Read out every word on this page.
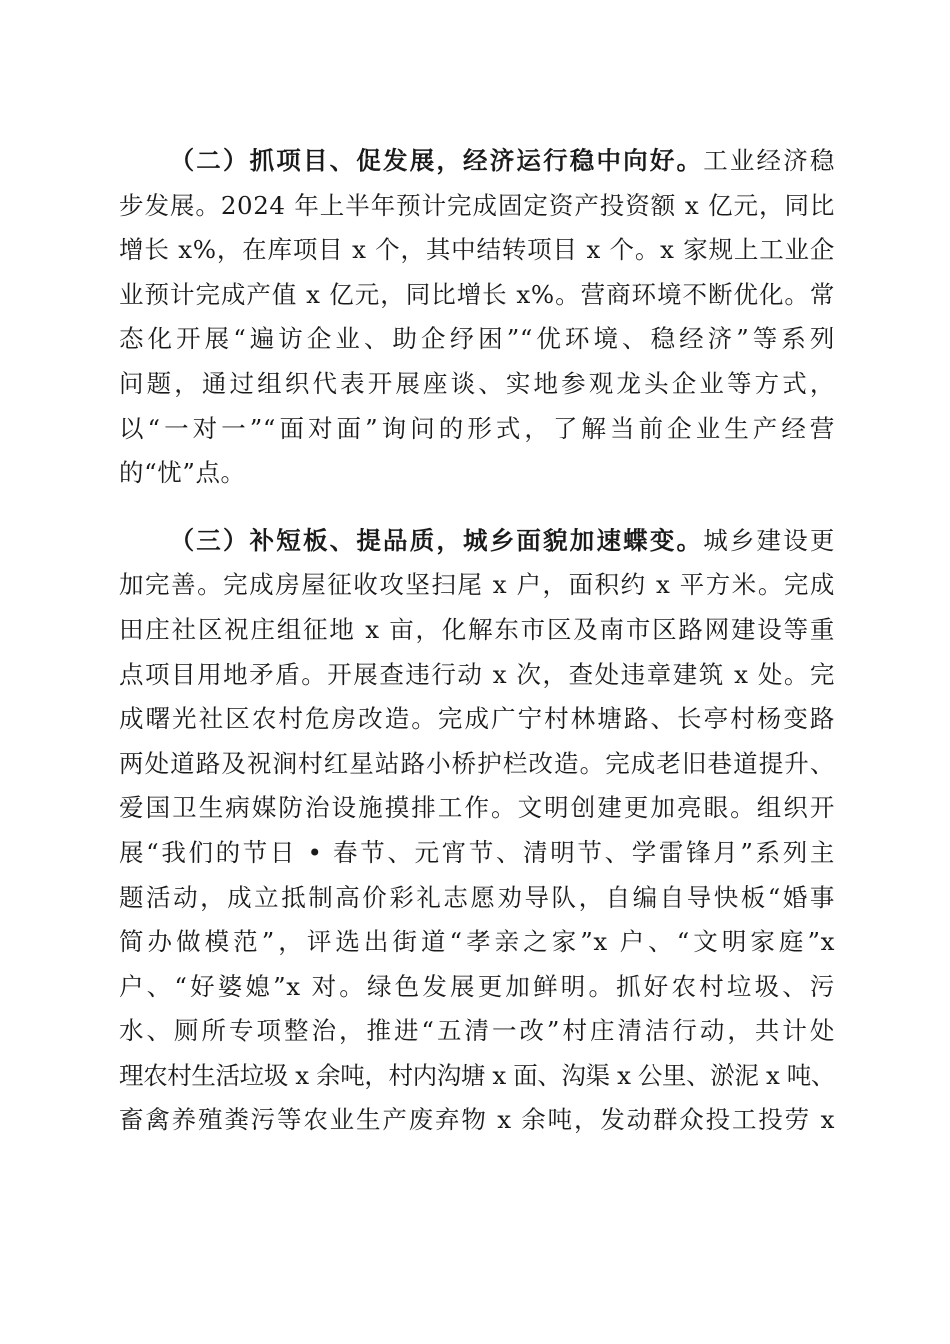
（二）抓项目、促发展，经济运行稳中向好。工业经济稳
步发展。2024 年上半年预计完成固定资产投资额 x 亿元，同比
增长 x%，在库项目 x 个，其中结转项目 x 个。x 家规上工业企
业预计完成产值 x 亿元，同比增长 x%。营商环境不断优化。常
态化开展“遍访企业、助企纾困”“优环境、稳经济”等系列
问题，通过组织代表开展座谈、实地参观龙头企业等方式，
以“一对一”“面对面”询问的形式，了解当前企业生产经营
的“忧”点。
（三）补短板、提品质，城乡面貌加速蝶变。城乡建设更
加完善。完成房屋征收攻坚扫尾 x 户，面积约 x 平方米。完成
田庄社区祝庄组征地 x 亩，化解东市区及南市区路网建设等重
点项目用地矛盾。开展查违行动 x 次，查处违章建筑 x 处。完
成曙光社区农村危房改造。完成广宁村林塘路、长亭村杨变路
两处道路及祝涧村红星站路小桥护栏改造。完成老旧巷道提升、
爱国卫生病媒防治设施摸排工作。文明创建更加亮眼。组织开
展“我们的节日 • 春节、元宵节、清明节、学雷锋月”系列主
题活动，成立抵制高价彩礼志愿劝导队，自编自导快板“婚事
简办做模范”，评选出街道“孝亲之家”x 户、“文明家庭”x
户、“好婆媳”x 对。绿色发展更加鲜明。抓好农村垃圾、污
水、厕所专项整治，推进“五清一改”村庄清洁行动，共计处
理农村生活垃圾 x 余吨，村内沟塘 x 面、沟渠 x 公里、淤泥 x 吨、
畜禽养殖粪污等农业生产废弃物 x 余吨，发动群众投工投劳 x
